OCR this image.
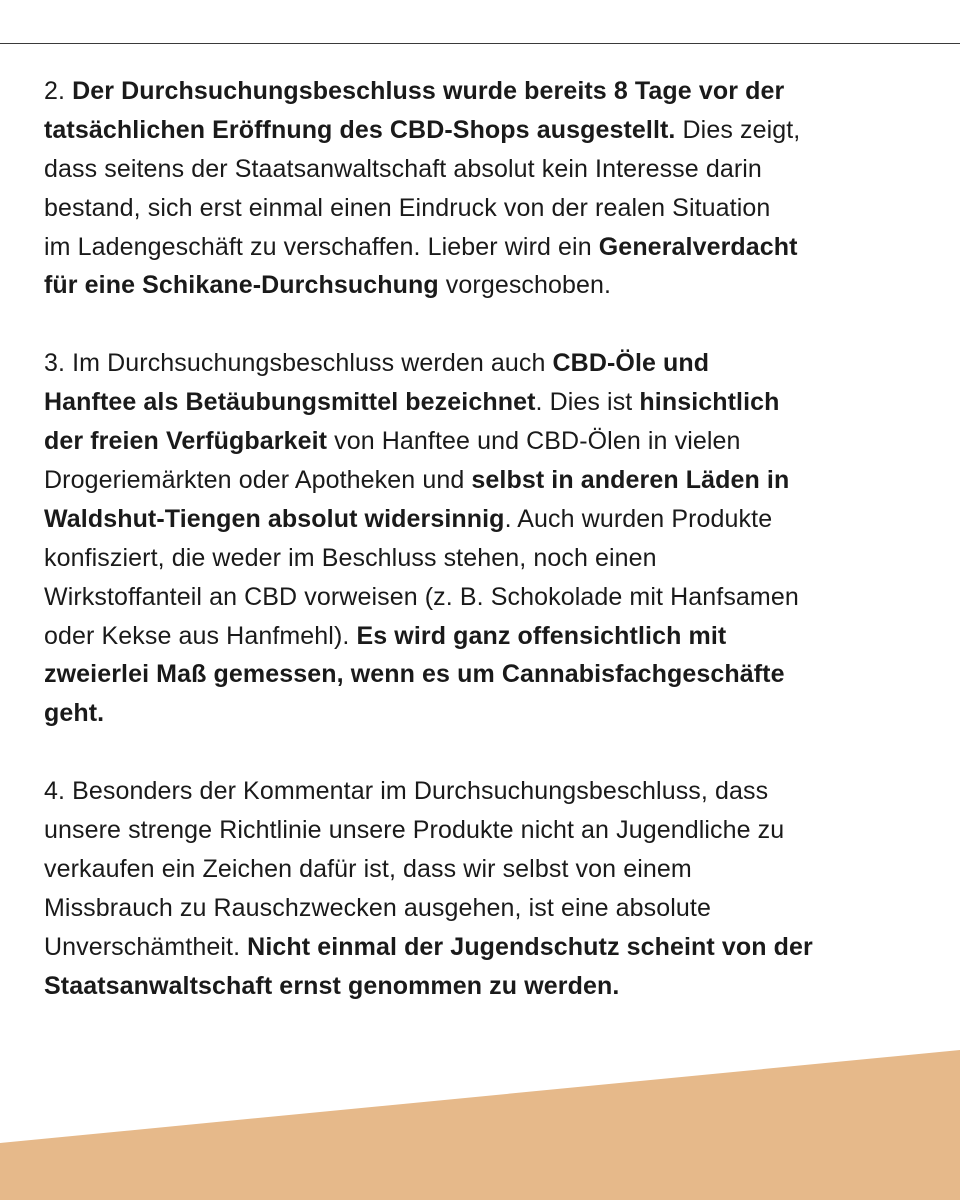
2. Der Durchsuchungsbeschluss wurde bereits 8 Tage vor der
tatsächlichen Eröffnung des CBD-Shops ausgestellt. Dies zeigt,
dass seitens der Staatsanwaltschaft absolut kein Interesse darin
bestand, sich erst einmal einen Eindruck von der realen Situation
im Ladengeschäft zu verschaffen. Lieber wird ein Generalverdacht
für eine Schikane-Durchsuchung vorgeschoben.
3. Im Durchsuchungsbeschluss werden auch CBD-Öle und
Hanftee als Betäubungsmittel bezeichnet. Dies ist hinsichtlich
der freien Verfügbarkeit von Hanftee und CBD-Ölen in vielen
Drogeriemärkten oder Apotheken und selbst in anderen Läden in
Waldshut-Tiengen absolut widersinnig. Auch wurden Produkte
konfisziert, die weder im Beschluss stehen, noch einen
Wirkstoffanteil an CBD vorweisen (z. B. Schokolade mit Hanfsamen
oder Kekse aus Hanfmehl). Es wird ganz offensichtlich mit
zweierlei Maß gemessen, wenn es um Cannabisfachgeschäfte
geht.
4. Besonders der Kommentar im Durchsuchungsbeschluss, dass
unsere strenge Richtlinie unsere Produkte nicht an Jugendliche zu
verkaufen ein Zeichen dafür ist, dass wir selbst von einem
Missbrauch zu Rauschzwecken ausgehen, ist eine absolute
Unverschämtheit. Nicht einmal der Jugendschutz scheint von der
Staatsanwaltschaft ernst genommen zu werden.
